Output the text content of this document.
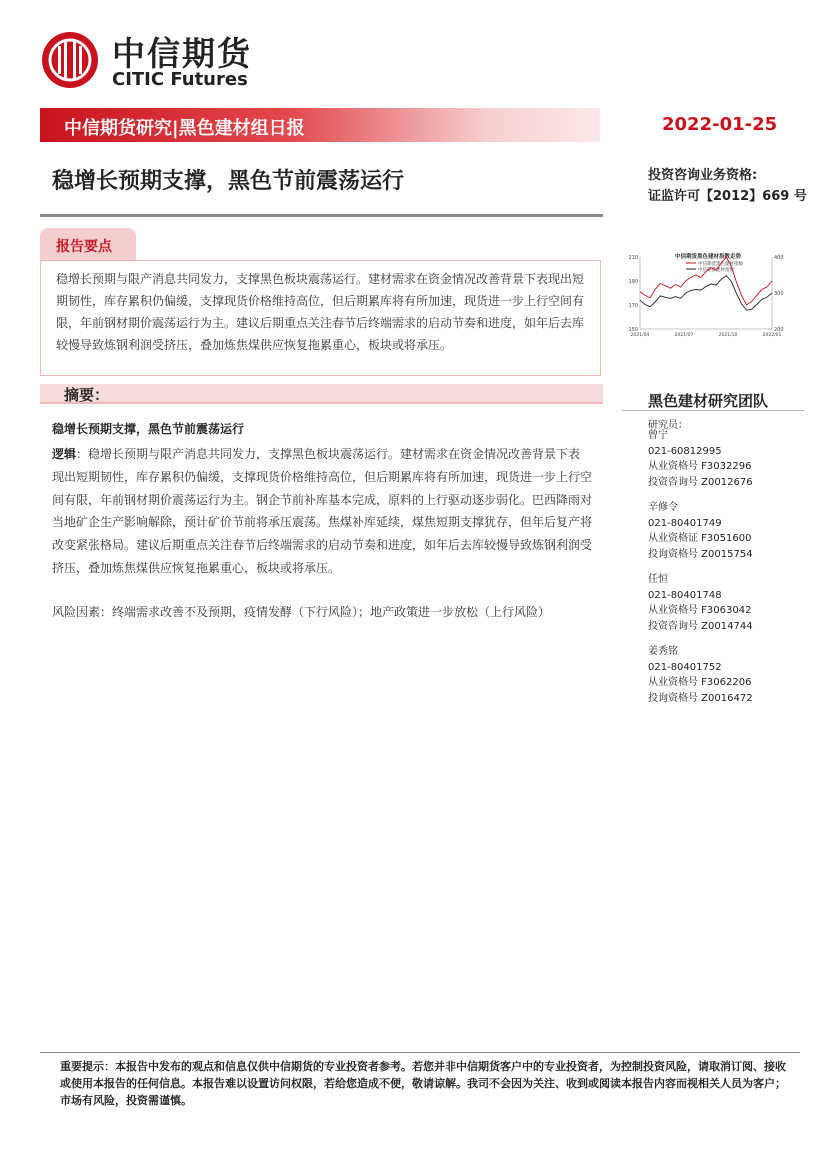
中信期货
CITIC Futures
中信期货研究|黑色建材组日报	2022-01-25
稳增长预期支撑，黑色节前震荡运行	投资咨询业务资格:
证监许可【2012】669 号
报告要点
稳增长预期与限产消息共同发力，支撑黑色板块震荡运行。建材需求在资金情况改善背景下表现出短期韧性，库存累积仍偏缓，支撑现货价格维持高位，但后期累库将有所加速，现货进一步上行空间有限，年前钢材期价震荡运行为主。建议后期重点关注春节后终端需求的启动节奏和进度，如年后去库较慢导致炼钢利润受挤压，叠加炼焦煤供应恢复拖累重心，板块或将承压。
摘要：
稳增长预期支撑，黑色节前震荡运行
逻辑：稳增长预期与限产消息共同发力，支撑黑色板块震荡运行。建材需求在资金情况改善背景下表现出短期韧性，库存累积仍偏缓，支撑现货价格维持高位，但后期累库将有所加速，现货进一步上行空间有限，年前钢材期价震荡运行为主。钢企节前补库基本完成，原料的上行驱动逐步弱化。巴西降雨对当地矿企生产影响解除，预计矿价节前将承压震荡。焦煤补库延续，煤焦短期支撑犹存，但年后复产将改变紧张格局。建议后期重点关注春节后终端需求的启动节奏和进度，如年后去库较慢导致炼钢利润受挤压，叠加炼焦煤供应恢复拖累重心，板块或将承压。
风险因素：终端需求改善不及预期，疫情发酵（下行风险）；地产政策进一步放松（上行风险）
中信期货黑色建材指数走势
中信期货黑色建材指数
中信期货建材指数
150
170
190
210
200
300
400
2021/04	2021/07	2021/10	2022/01
黑色建材研究团队
研究员：
曾宁
021-60812995
从业资格号 F3032296
投资咨询号 Z0012676
辛修令
021-80401749
从业资格证 F3051600
投询资格号 Z0015754
任恒
021-80401748
从业资格号 F3063042
投资咨询号 Z0014744
姜秀铭
021-80401752
从业资格号 F3062206
投询资格号 Z0016472
重要提示：本报告中发布的观点和信息仅供中信期货的专业投资者参考。若您并非中信期货客户中的专业投资者，为控制投资风险，请取消订阅、接收或使用本报告的任何信息。本报告难以设置访问权限，若给您造成不便，敬请谅解。我司不会因为关注、收到或阅读本报告内容而视相关人员为客户；市场有风险，投资需谨慎。
